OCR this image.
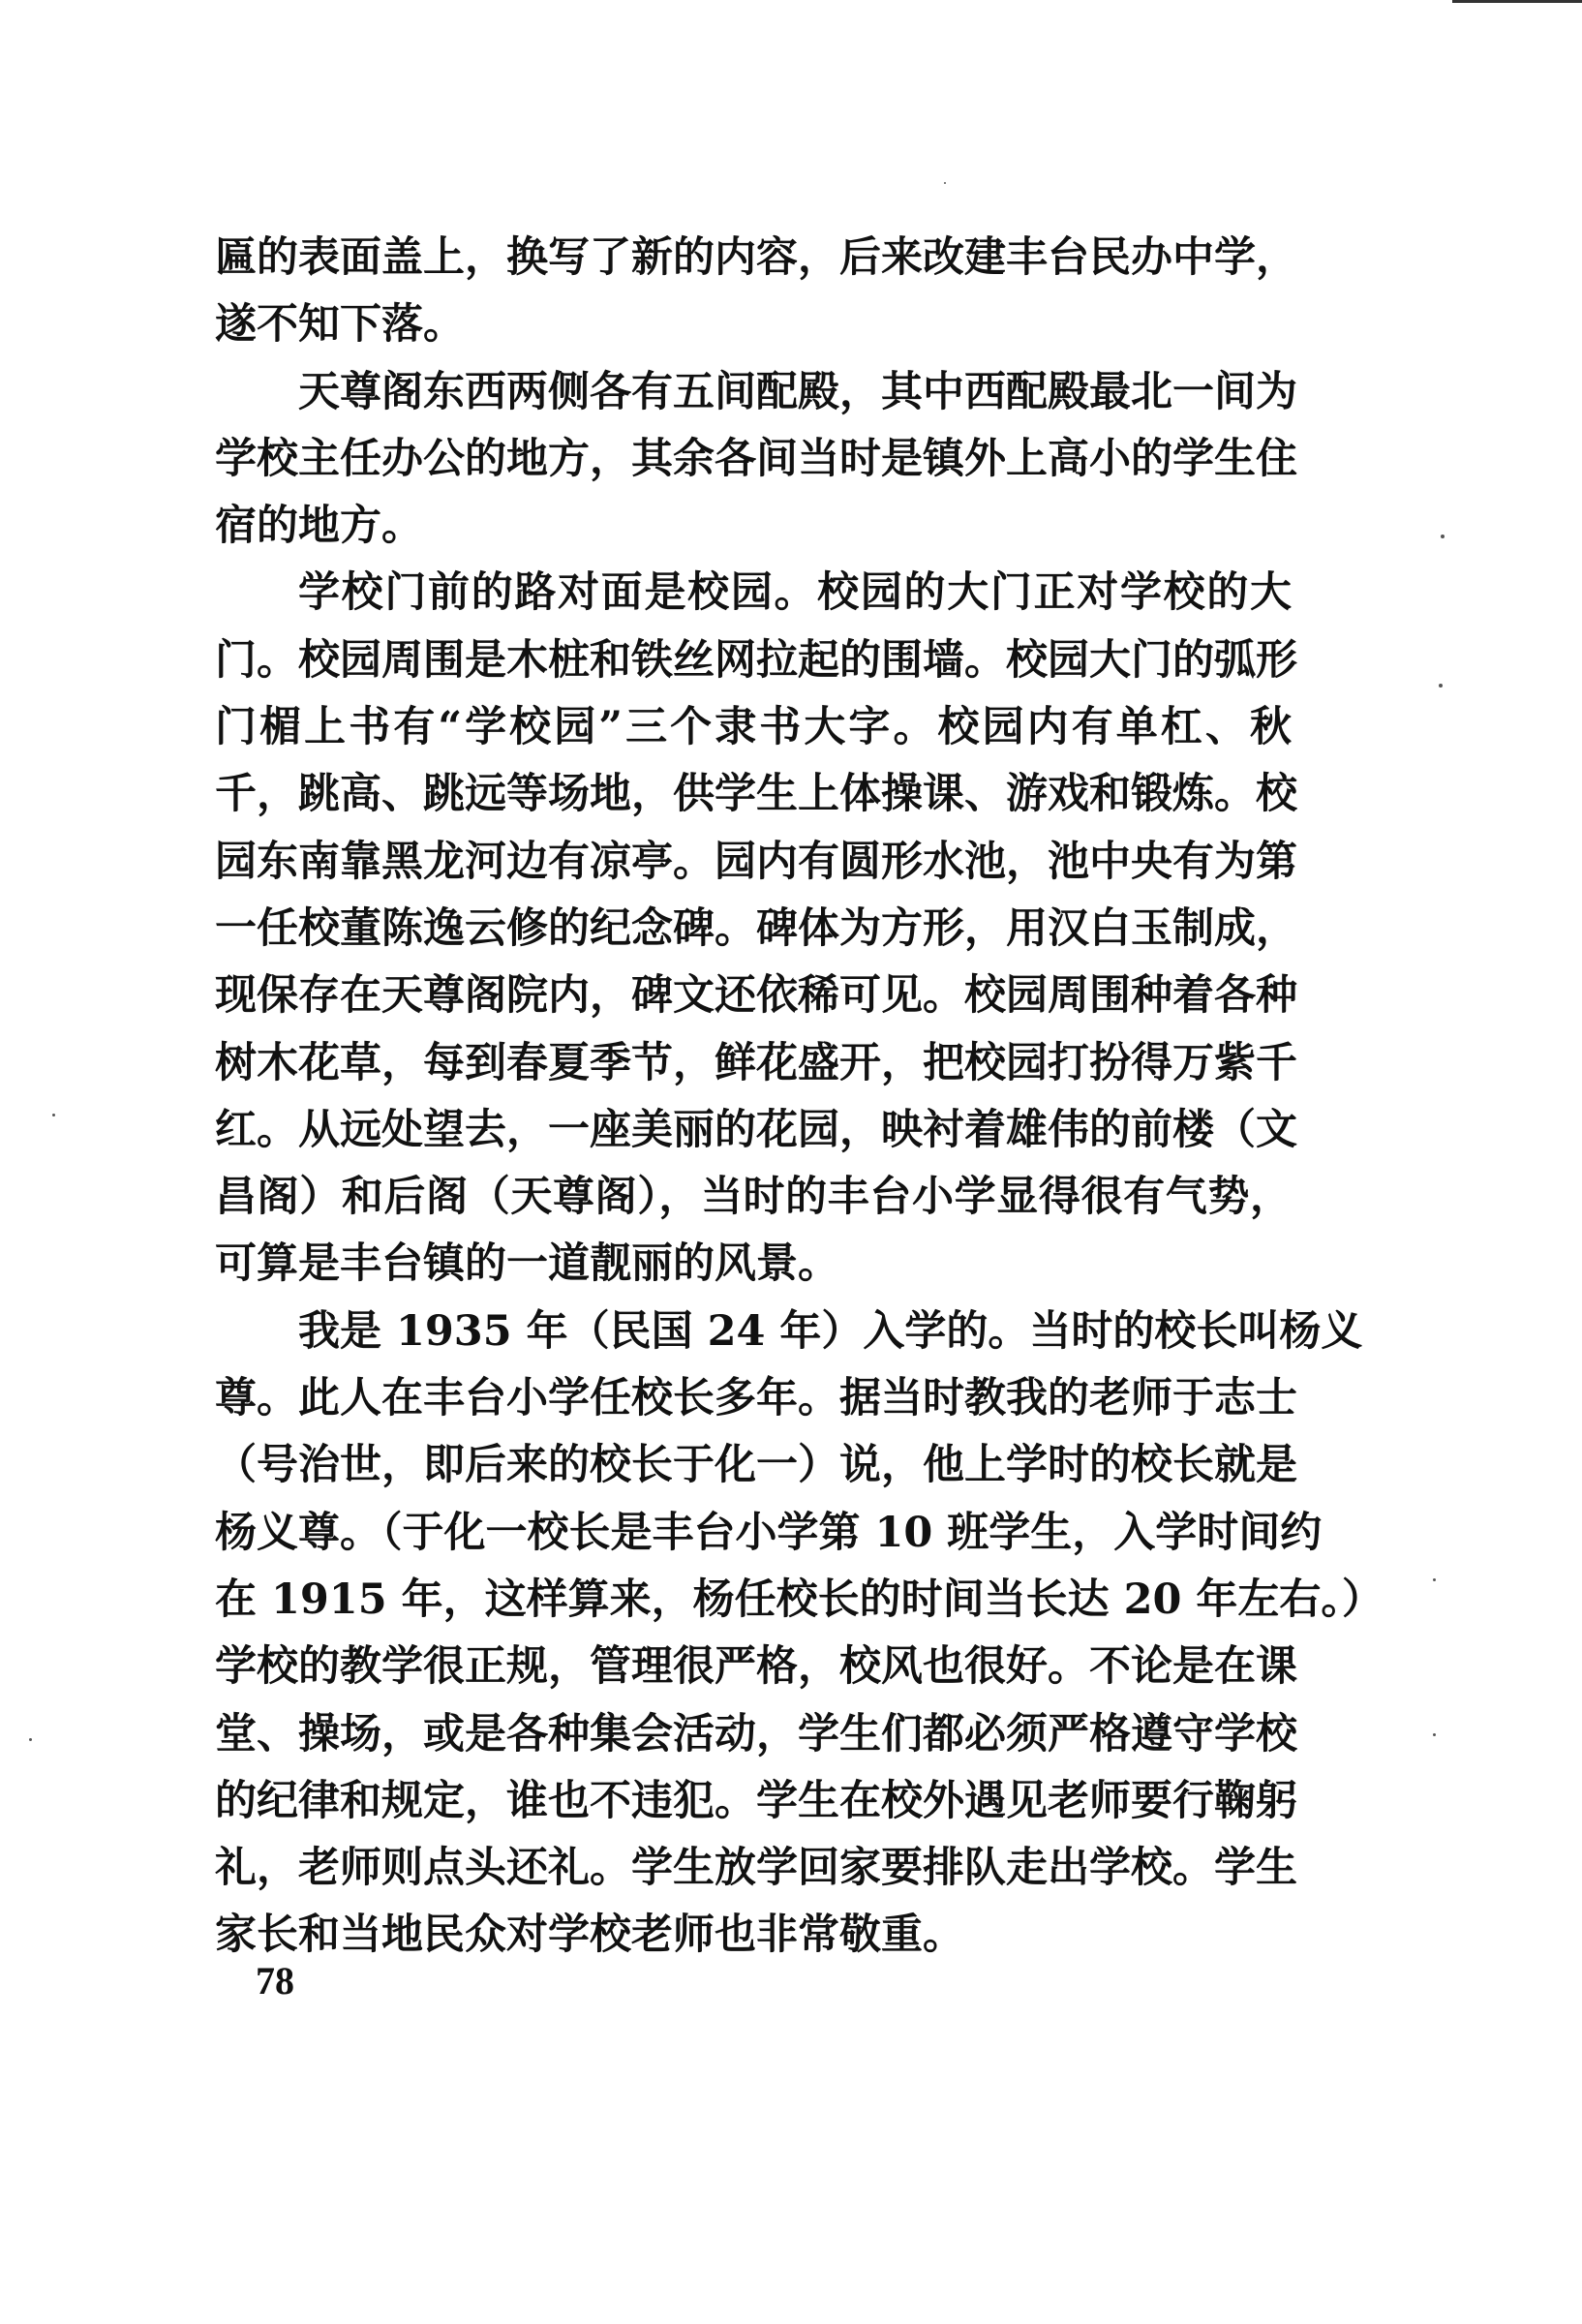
匾的表面盖上，换写了新的内容，后来改建丰台民办中学，
遂不知下落。
天尊阁东西两侧各有五间配殿，其中西配殿最北一间为
学校主任办公的地方，其余各间当时是镇外上高小的学生住
宿的地方。
学校门前的路对面是校园。校园的大门正对学校的大
门。校园周围是木桩和铁丝网拉起的围墙。校园大门的弧形
门楣上书有“学校园”三个隶书大字。校园内有单杠、秋
千，跳高、跳远等场地，供学生上体操课、游戏和锻炼。校
园东南靠黑龙河边有凉亭。园内有圆形水池，池中央有为第
一任校董陈逸云修的纪念碑。碑体为方形，用汉白玉制成，
现保存在天尊阁院内，碑文还依稀可见。校园周围种着各种
树木花草，每到春夏季节，鲜花盛开，把校园打扮得万紫千
红。从远处望去，一座美丽的花园，映衬着雄伟的前楼（文
昌阁）和后阁（天尊阁），当时的丰台小学显得很有气势，
可算是丰台镇的一道靓丽的风景。
我是 1935 年（民国 24 年）入学的。当时的校长叫杨义
尊。此人在丰台小学任校长多年。据当时教我的老师于志士
（号治世，即后来的校长于化一）说，他上学时的校长就是
杨义尊。（于化一校长是丰台小学第 10 班学生，入学时间约
在 1915 年，这样算来，杨任校长的时间当长达 20 年左右。）
学校的教学很正规，管理很严格，校风也很好。不论是在课
堂、操场，或是各种集会活动，学生们都必须严格遵守学校
的纪律和规定，谁也不违犯。学生在校外遇见老师要行鞠躬
礼，老师则点头还礼。学生放学回家要排队走出学校。学生
家长和当地民众对学校老师也非常敬重。
78
